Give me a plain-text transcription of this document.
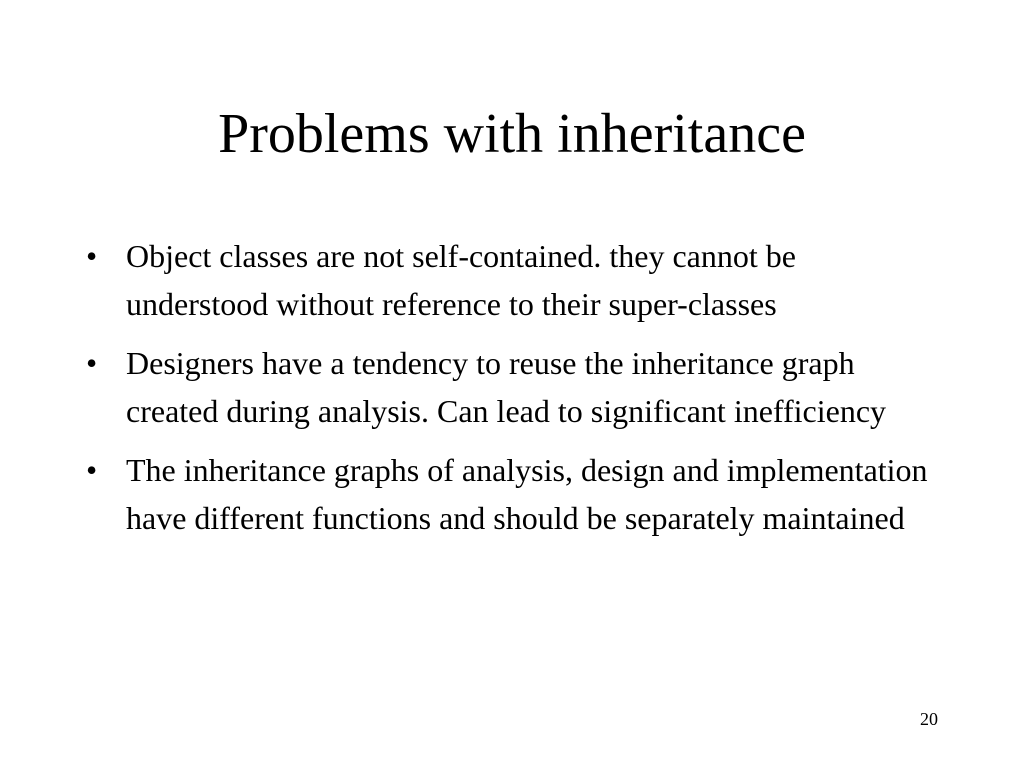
Problems with inheritance
• Object classes are not self-contained. they cannot be understood without reference to their super-classes
• Designers have a tendency to reuse the inheritance graph created during analysis. Can lead to significant inefficiency
• The inheritance graphs of analysis, design and implementation have different functions and should be separately maintained
20
